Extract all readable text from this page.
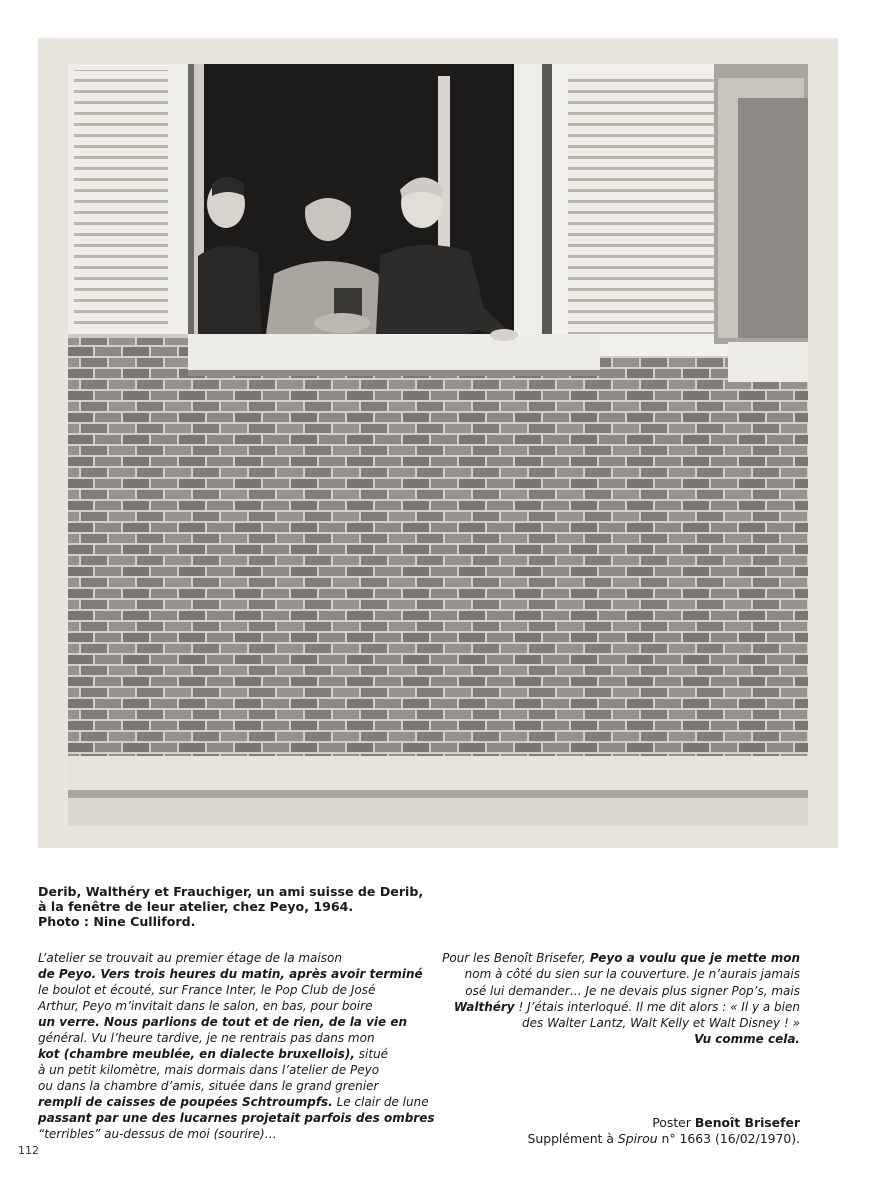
Derib, Walthéry et Frauchiger, un ami suisse de Derib,
à la fenêtre de leur atelier, chez Peyo, 1964.
Photo : Nine Culliford.
L’atelier se trouvait au premier étage de la maison
de Peyo. Vers trois heures du matin, après avoir terminé
le boulot et écouté, sur France Inter, le Pop Club de José
Arthur, Peyo m’invitait dans le salon, en bas, pour boire
un verre. Nous parlions de tout et de rien, de la vie en
général. Vu l’heure tardive, je ne rentrais pas dans mon
kot (chambre meublée, en dialecte bruxellois), situé
à un petit kilomètre, mais dormais dans l’atelier de Peyo
ou dans la chambre d’amis, située dans le grand grenier
rempli de caisses de poupées Schtroumpfs. Le clair de lune
passant par une des lucarnes projetait parfois des ombres
“terribles” au-dessus de moi (sourire)…
Pour les Benoît Brisefer, Peyo a voulu que je mette mon
nom à côté du sien sur la couverture. Je n’aurais jamais
osé lui demander… Je ne devais plus signer Pop’s, mais
Walthéry ! J’étais interloqué. Il me dit alors : « Il y a bien
des Walter Lantz, Walt Kelly et Walt Disney ! »
Vu comme cela.
Poster Benoît Brisefer
Supplément à Spirou n° 1663 (16/02/1970).
112
